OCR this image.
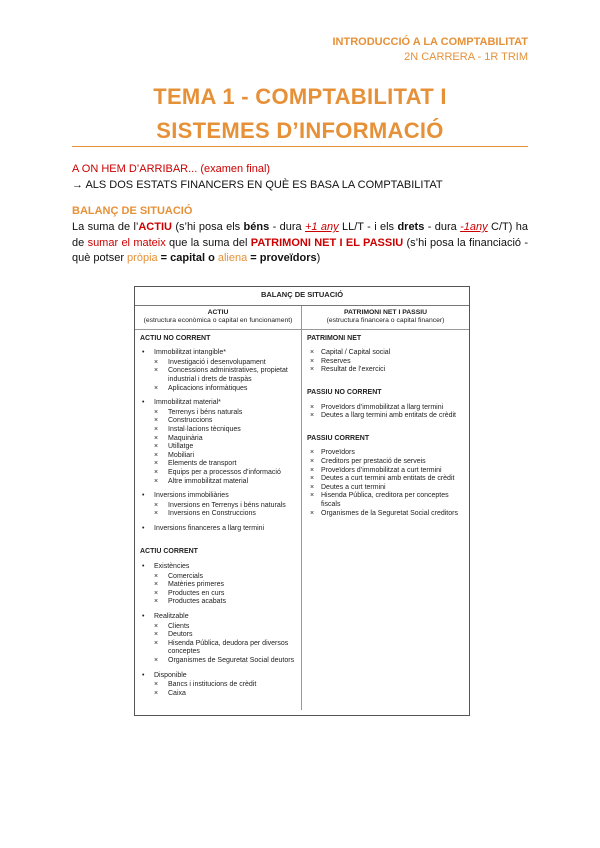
INTRODUCCIÓ A LA COMPTABILITAT
2N CARRERA - 1R TRIM
TEMA 1 - COMPTABILITAT I
SISTEMES D’INFORMACIÓ
A ON HEM D’ARRIBAR... (examen final)
→ ALS DOS ESTATS FINANCERS EN QUÈ ES BASA LA COMPTABILITAT
BALANÇ DE SITUACIÓ
La suma de l’ACTIU (s’hi posa els béns - dura +1 any LL/T - i els drets - dura -1any C/T) ha de sumar el mateix que la suma del PATRIMONI NET I EL PASSIU (s’hi posa la financiació - què potser pròpia = capital o aliena = proveïdors)
BALANÇ DE SITUACIÓ
ACTIU
(estructura econòmica o capital en funcionament)
ACTIU NO CORRENT
• Immobilitzat intangible*
× Investigació i desenvolupament
× Concessions administratives, propietat industrial i drets de traspàs
× Aplicacions informàtiques
• Immobilitzat material*
× Terrenys i béns naturals
× Construccions
× Instal·lacions tècniques
× Maquinària
× Utillatge
× Mobiliari
× Elements de transport
× Equips per a processos d’informació
× Altre immobilitzat material
• Inversions immobiliàries
× Inversions en Terrenys i béns naturals
× Inversions en Construccions
• Inversions financeres a llarg termini
ACTIU CORRENT
• Existències
× Comercials
× Matèries primeres
× Productes en curs
× Productes acabats
• Realitzable
× Clients
× Deutors
× Hisenda Pública, deudora per diversos conceptes
× Organismes de Seguretat Social deutors
• Disponible
× Bancs i institucions de crèdit
× Caixa
PATRIMONI NET I PASSIU
(estructura financera o capital financer)
PATRIMONI NET
× Capital / Capital social
× Reserves
× Resultat de l’exercici
PASSIU NO CORRENT
× Proveïdors d’immobilitzat a llarg termini
× Deutes a llarg termini amb entitats de crèdit
PASSIU CORRENT
× Proveïdors
× Creditors per prestació de serveis
× Proveïdors d’immobilitzat a curt termini
× Deutes a curt termini amb entitats de crèdit
× Deutes a curt termini
× Hisenda Pública, creditora per conceptes fiscals
× Organismes de la Seguretat Social creditors
